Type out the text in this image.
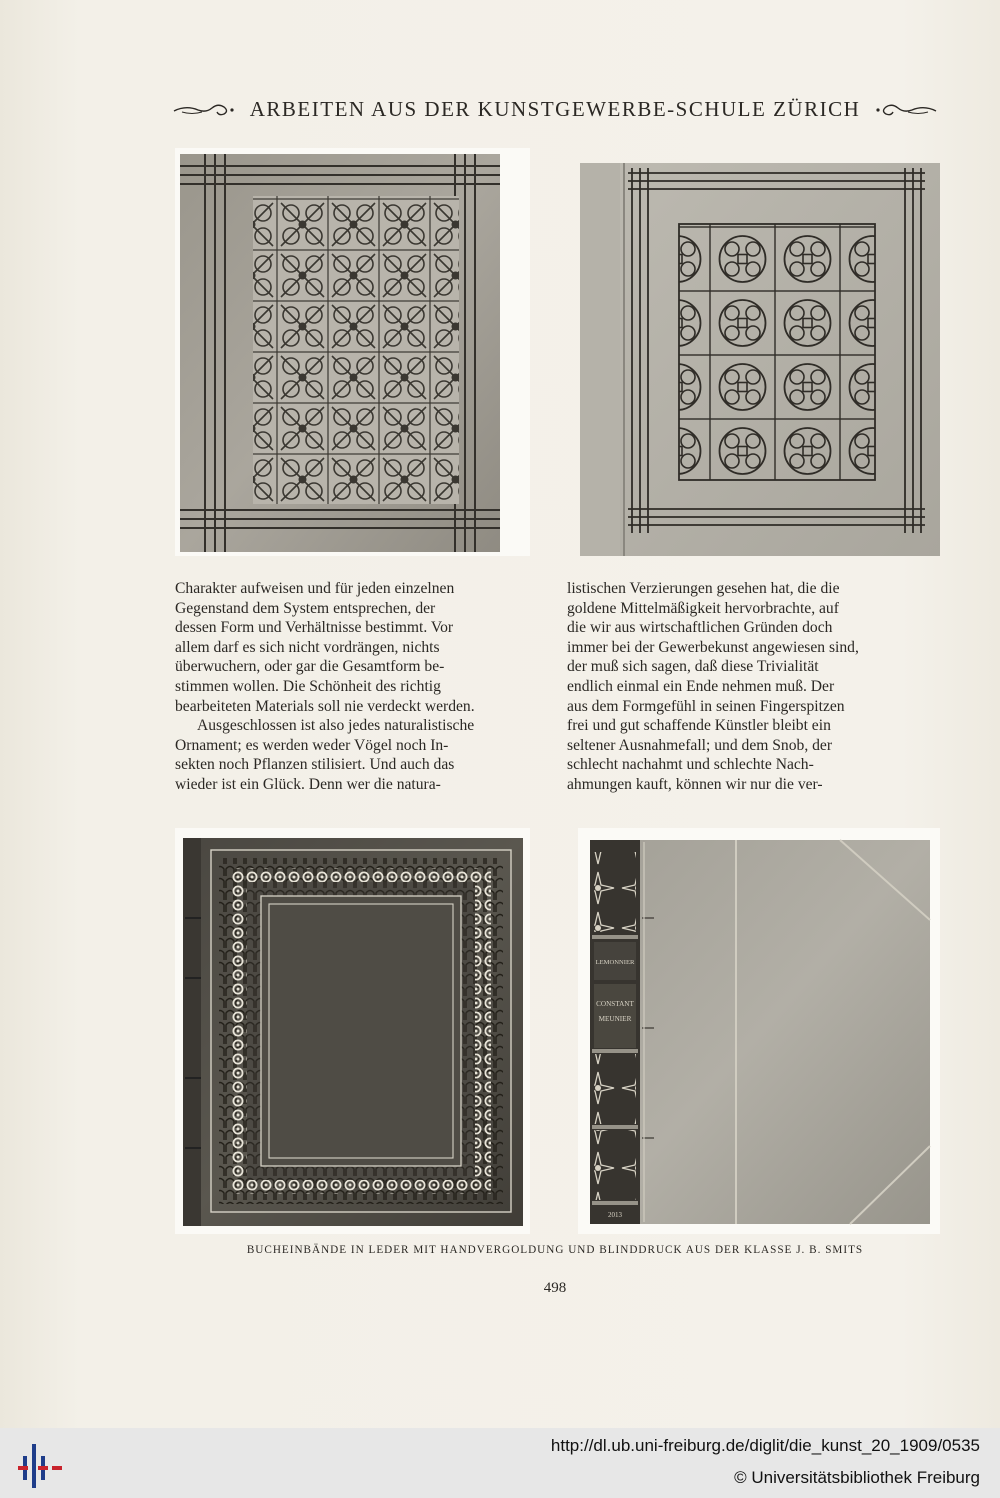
ARBEITEN AUS DER KUNSTGEWERBE-SCHULE ZÜRICH

Charakter aufweisen und für jeden einzelnen

Gegenstand dem System entsprechen, der

dessen Form und Verhältnisse bestimmt. Vor

allem darf es sich nicht vordrängen, nichts

überwuchern, oder gar die Gesamtform be-

stimmen wollen. Die Schönheit des richtig

bearbeiteten Materials soll nie verdeckt werden.

Ausgeschlossen ist also jedes naturalistische

Ornament; es werden weder Vögel noch In-

sekten noch Pflanzen stilisiert. Und auch das

wieder ist ein Glück. Denn wer die natura-

listischen Verzierungen gesehen hat, die die

goldene Mittelmäßigkeit hervorbrachte, auf

die wir aus wirtschaftlichen Gründen doch

immer bei der Gewerbekunst angewiesen sind,

der muß sich sagen, daß diese Trivialität

endlich einmal ein Ende nehmen muß. Der

aus dem Formgefühl in seinen Fingerspitzen

frei und gut schaffende Künstler bleibt ein

seltener Ausnahmefall; und dem Snob, der

schlecht nachahmt und schlechte Nach-

ahmungen kauft, können wir nur die ver-

LEMONNIER
CONSTANT
MEUNIER
2013
BUCHEINBÄNDE IN LEDER MIT HANDVERGOLDUNG UND BLINDDRUCK AUS DER KLASSE J. B. SMITS
498
http://dl.ub.uni-freiburg.de/diglit/die_kunst_20_1909/0535
© Universitätsbibliothek Freiburg
